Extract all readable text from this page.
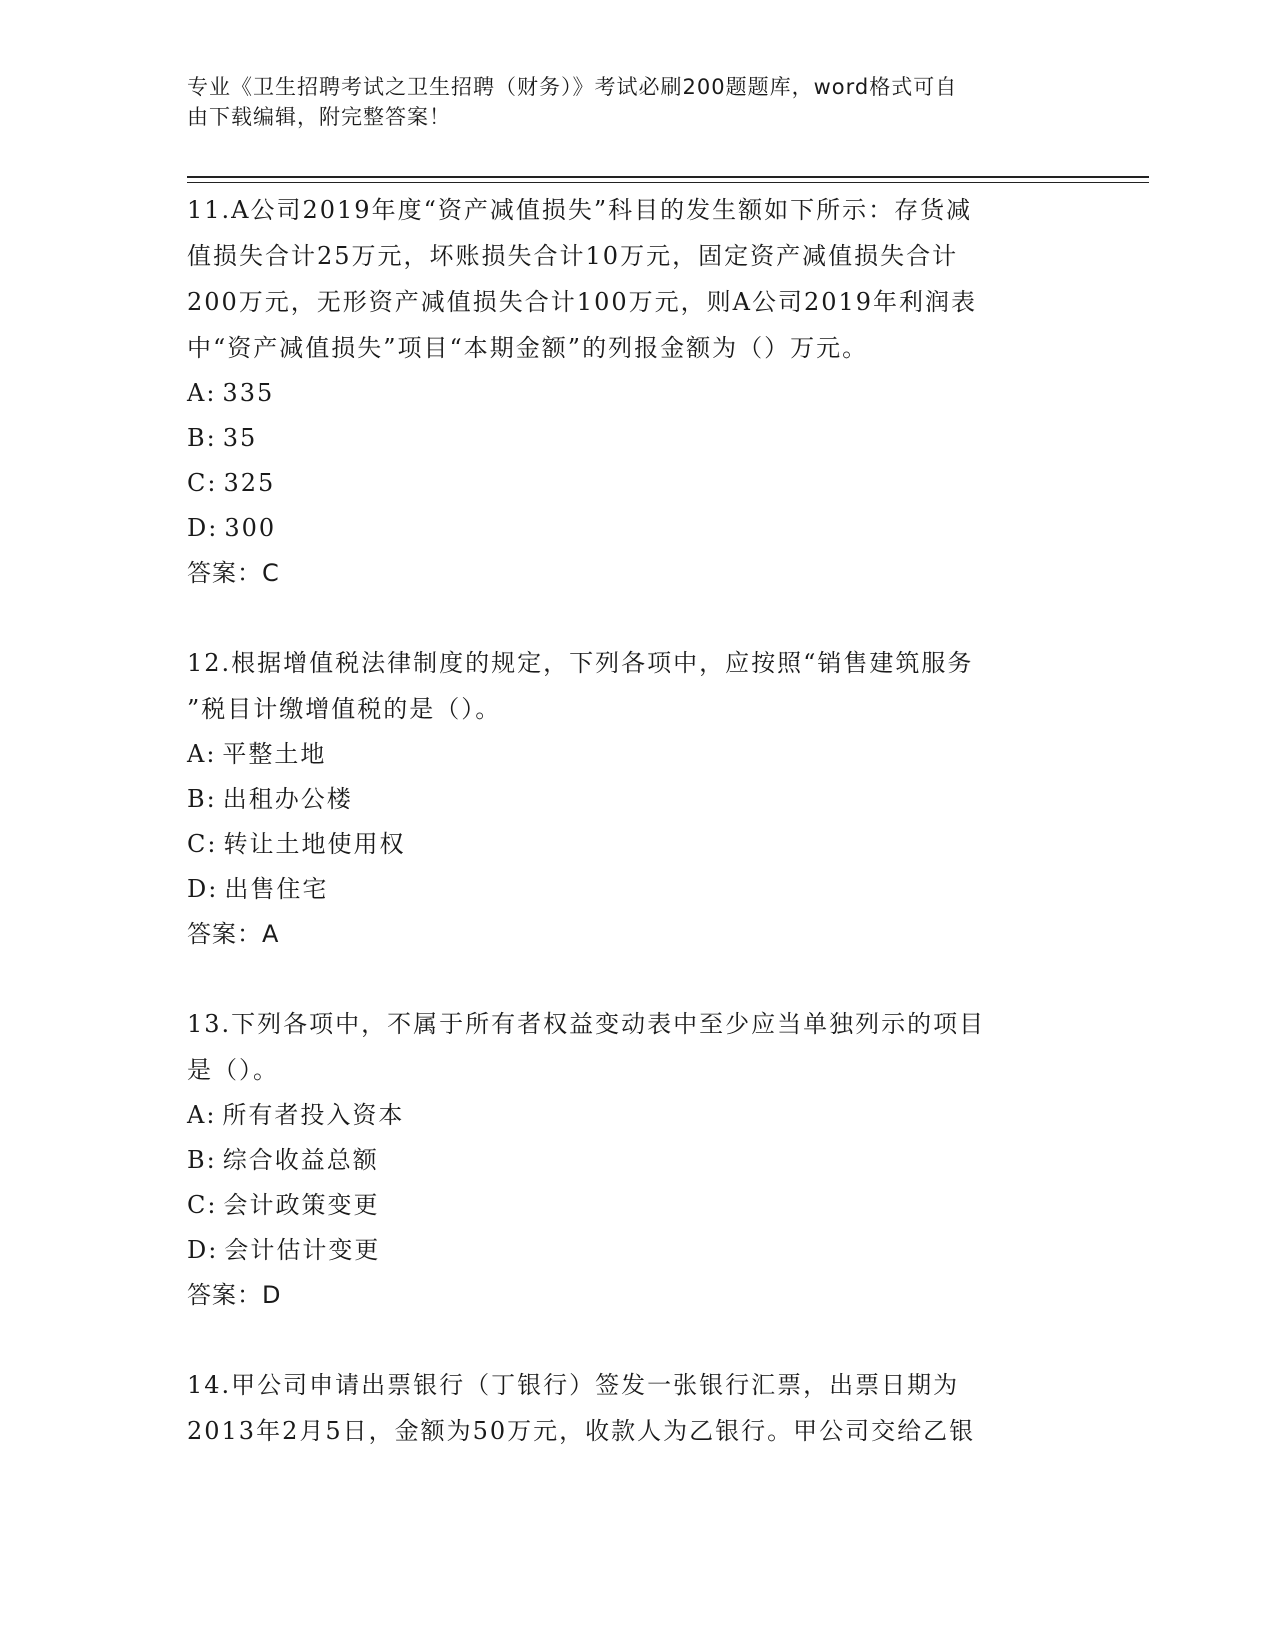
专业《卫生招聘考试之卫生招聘（财务）》考试必刷200题题库，word格式可自
由下载编辑，附完整答案！
11.A公司2019年度“资产减值损失”科目的发生额如下所示：存货减
值损失合计25万元，坏账损失合计10万元，固定资产减值损失合计
200万元，无形资产减值损失合计100万元，则A公司2019年利润表
中“资产减值损失”项目“本期金额”的列报金额为（）万元。
A: 335
B: 35
C: 325
D: 300
答案：C
12.根据增值税法律制度的规定，下列各项中，应按照“销售建筑服务
”税目计缴增值税的是（）。
A: 平整土地
B: 出租办公楼
C: 转让土地使用权
D: 出售住宅
答案：A
13.下列各项中，不属于所有者权益变动表中至少应当单独列示的项目
是（）。
A: 所有者投入资本
B: 综合收益总额
C: 会计政策变更
D: 会计估计变更
答案：D
14.甲公司申请出票银行（丁银行）签发一张银行汇票，出票日期为
2013年2月5日，金额为50万元，收款人为乙银行。甲公司交给乙银
